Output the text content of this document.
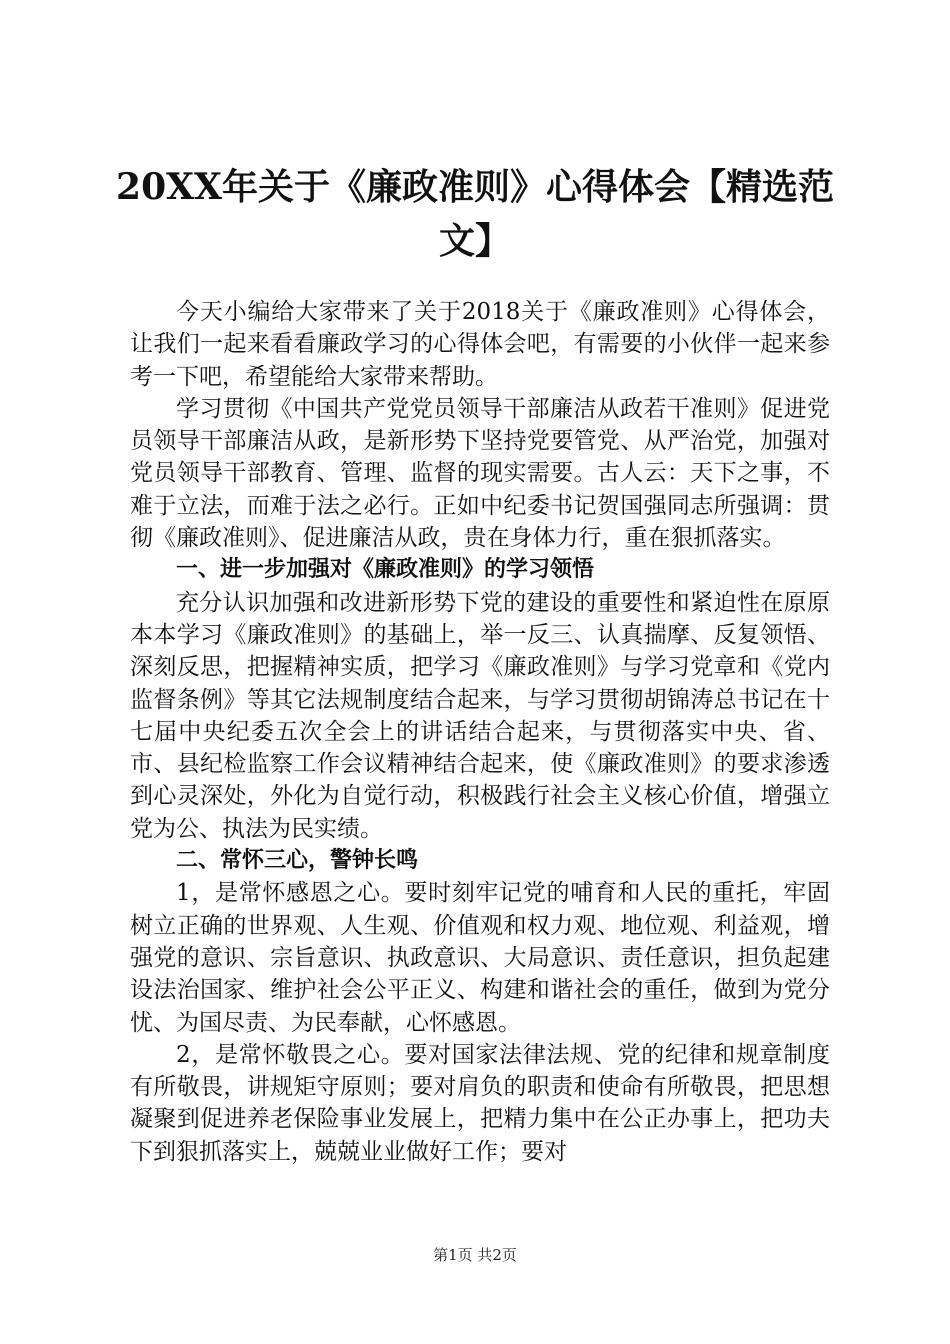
20XX年关于《廉政准则》心得体会【精选范
文】

今天小编给大家带来了关于2018关于《廉政准则》心得体会，让我们一起来看看廉政学习的心得体会吧，有需要的小伙伴一起来参考一下吧，希望能给大家带来帮助。

学习贯彻《中国共产党党员领导干部廉洁从政若干准则》促进党员领导干部廉洁从政，是新形势下坚持党要管党、从严治党，加强对党员领导干部教育、管理、监督的现实需要。古人云：天下之事，不难于立法，而难于法之必行。正如中纪委书记贺国强同志所强调：贯彻《廉政准则》、促进廉洁从政，贵在身体力行，重在狠抓落实。

一、进一步加强对《廉政准则》的学习领悟

充分认识加强和改进新形势下党的建设的重要性和紧迫性在原原本本学习《廉政准则》的基础上，举一反三、认真揣摩、反复领悟、深刻反思，把握精神实质，把学习《廉政准则》与学习党章和《党内监督条例》等其它法规制度结合起来，与学习贯彻胡锦涛总书记在十七届中央纪委五次全会上的讲话结合起来，与贯彻落实中央、省、市、县纪检监察工作会议精神结合起来，使《廉政准则》的要求渗透到心灵深处，外化为自觉行动，积极践行社会主义核心价值，增强立党为公、执法为民实绩。

二、常怀三心，警钟长鸣

1，是常怀感恩之心。要时刻牢记党的哺育和人民的重托，牢固树立正确的世界观、人生观、价值观和权力观、地位观、利益观，增强党的意识、宗旨意识、执政意识、大局意识、责任意识，担负起建设法治国家、维护社会公平正义、构建和谐社会的重任，做到为党分忧、为国尽责、为民奉献，心怀感恩。

2，是常怀敬畏之心。要对国家法律法规、党的纪律和规章制度有所敬畏，讲规矩守原则；要对肩负的职责和使命有所敬畏，把思想凝聚到促进养老保险事业发展上，把精力集中在公正办事上，把功夫下到狠抓落实上，兢兢业业做好工作；要对

第1页 共2页
